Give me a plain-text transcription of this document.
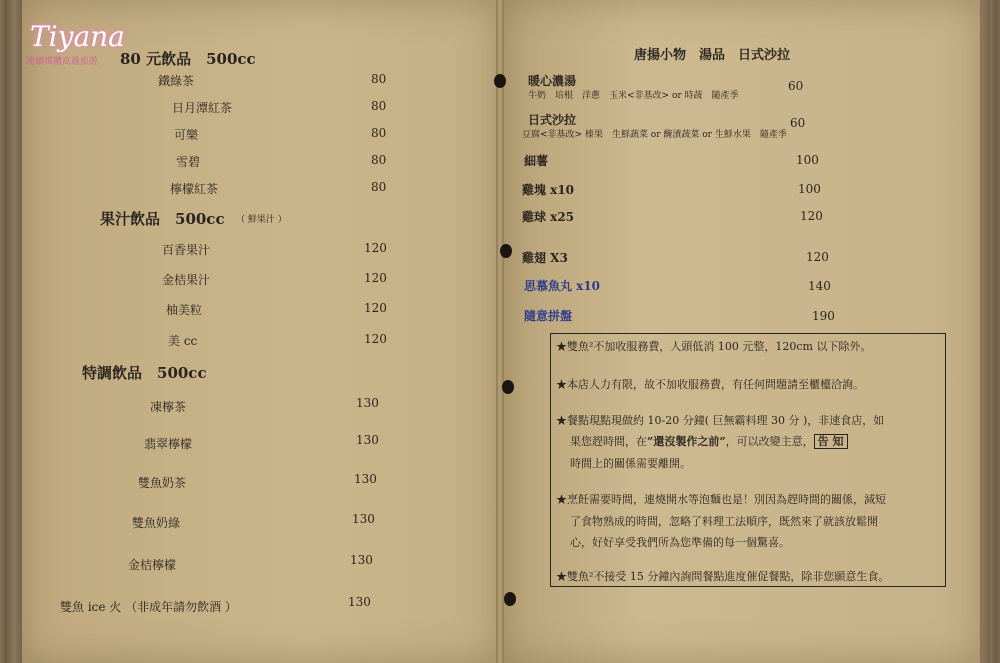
Tiyana
連續媒體高雄旅遊 80 元飲品　500cc
鐵綠茶	80
日月潭紅茶	80
可樂	80
雪碧	80
檸檬紅茶	80
果汁飲品　500cc （ 鮮果汁 ）
百香果汁	120
金桔果汁	120
柚美粒	120
美 cc	120
特調飲品　500cc
凍檸茶	130
翡翠檸檬	130
雙魚奶茶	130
雙魚奶綠	130
金桔檸檬	130
雙魚 ice 火 （非成年請勿飲酒 ）	130
唐揚小物　湯品　日式沙拉
暖心濃湯	60
牛奶　培根　洋蔥　玉米<非基改> or 時蔬　隨產季
日式沙拉	60
豆腐<非基改> 榛果　生鮮蔬菜 or 醃漬蔬菜 or 生鮮水果　隨產季
細薯	100
雞塊 x10	100
雞球 x25	120
雞翅 X3	120
思慕魚丸 x10	140
隨意拼盤	190
★雙魚²不加收服務費，人頭低消 100 元整，120cm 以下除外。
★本店人力有限，故不加收服務費，有任何問題請至櫃檯洽詢。
★餐點現點現做約 10-20 分鐘( 巨無霸料理 30 分 )，非速食店，如
果您趕時間，在”還沒製作之前”，可以改變主意， 告 知
時間上的關係需要離開。
★烹飪需要時間，連燒開水等泡麵也是！別因為趕時間的關係，減短
了食物熟成的時間，忽略了料理工法順序，既然來了就該放鬆開
心，好好享受我們所為您準備的每一個驚喜。
★雙魚²不接受 15 分鐘內詢問餐點進度催促餐點，除非您願意生食。
